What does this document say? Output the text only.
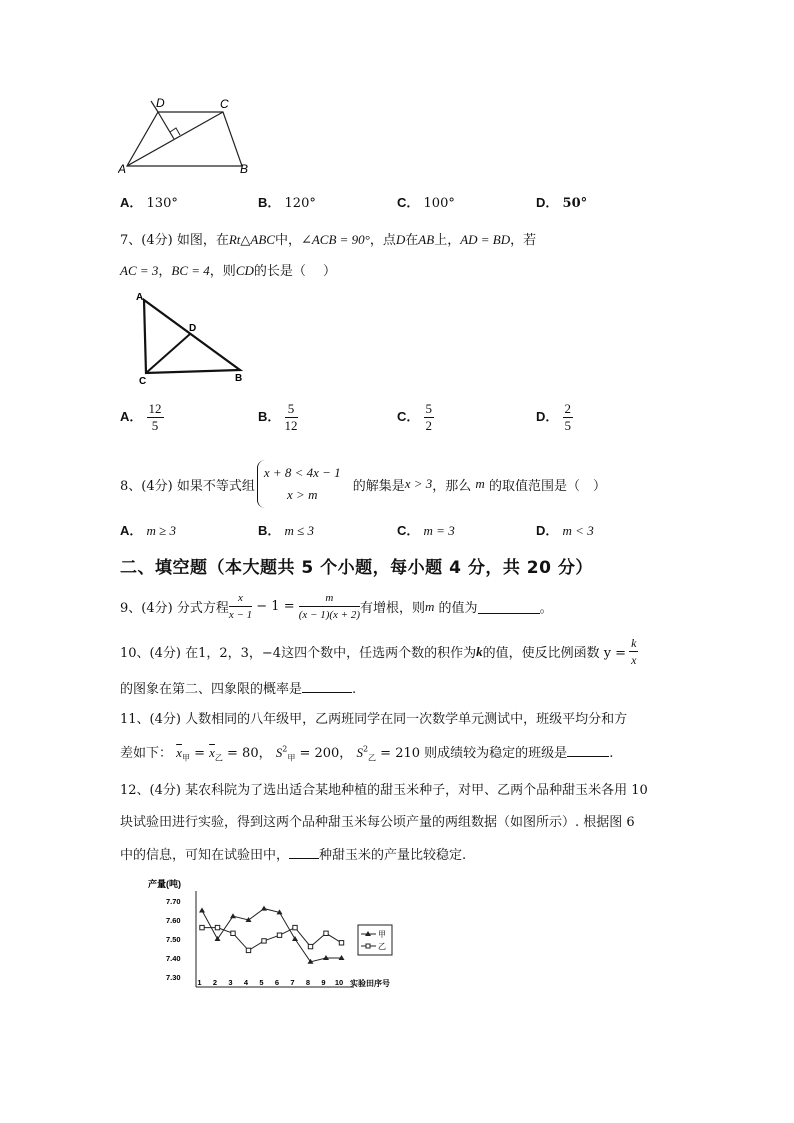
D	C
A	B
A． 130°	B． 120°	C． 100°	D． 50°
7、(4分) 如图，在Rt△ABC中，∠ACB = 90°，点D在AB上，AD = BD，若
AC = 3，BC = 4，则CD的长是（　 ）
A
D
C	B
A． $\frac{12}{5}$	B． $\frac{5}{12}$	C． $\frac{5}{2}$	D． $\frac{2}{5}$
8、(4分) 如果不等式组
x + 8 < 4x − 1
x > m
的解集是 x > 3 ，那么
m
的取值范围是（　）
A． m ≥ 3	B． m ≤ 3	C． m = 3	D． m < 3
二、填空题（本大题共 5 个小题，每小题 4 分，共 20 分）
9、(4分) 分式方程 $\frac{x}{x - 1} - 1 = \frac{m}{(x - 1)(x + 2)}$ 有增根，则 m
的值为	。
10、(4分) 在1，2，3，−4这四个数中，任选两个数的积作为 k 的值，使反比例函数 $y = \frac{k}{x}$
的图象在第二、四象限的概率是	.
11、(4分) 人数相同的八年级甲，乙两班同学在同一次数学单元测试中，班级平均分和方
差如下： $\overline{x}_甲 = \overline{x}_乙 = 80$， $S^2_甲 = 200$， $S^2_乙 = 210$ 则成绩较为稳定的班级是	.
12、(4分) 某农科院为了选出适合某地种植的甜玉米种子，对甲、乙两个品种甜玉米各用 10
块试验田进行实验，得到这两个品种甜玉米每公顷产量的两组数据（如图所示）. 根据图 6
中的信息，可知在试验田中， 种甜玉米的产量比较稳定.
产量(吨)
7.70
7.60
7.50
7.40
7.30
1 2 3 4 5 6 7 8 9 10 实验田序号
甲
乙
